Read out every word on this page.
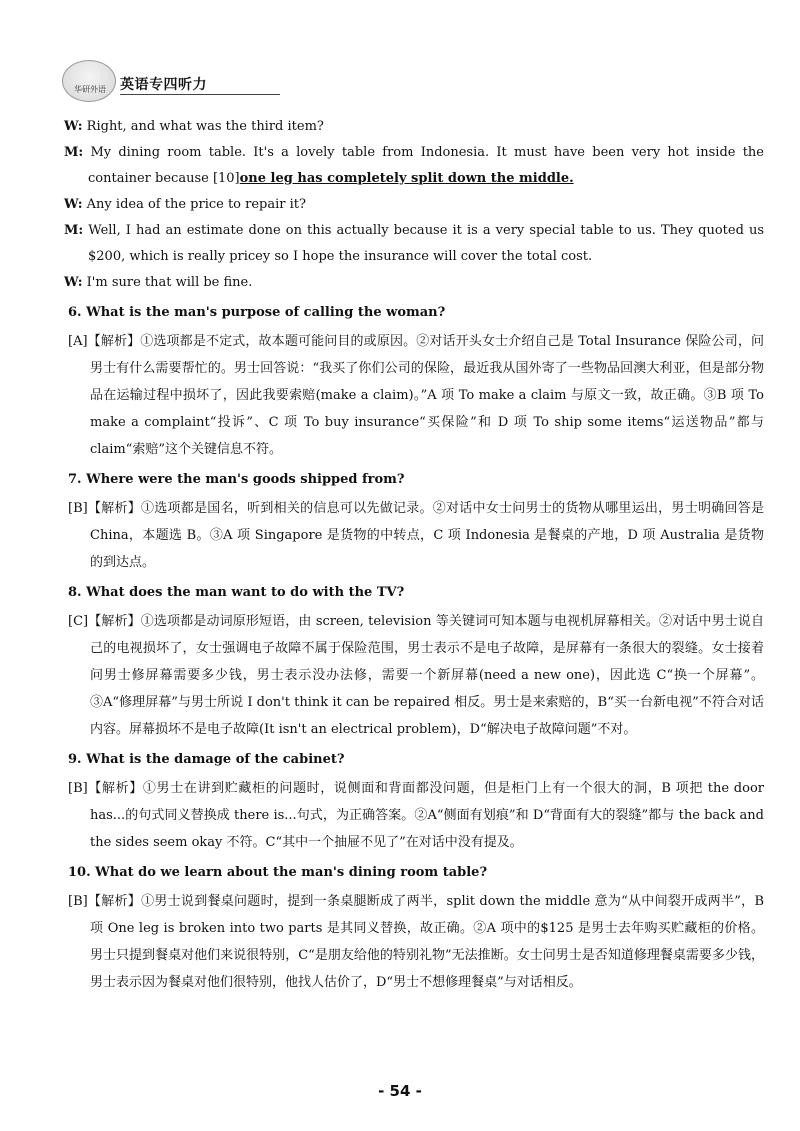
华研外语	英语专四听力

W: Right, and what was the third item?

M: My dining room table. It's a lovely table from Indonesia. It must have been very hot inside the container because [10]one leg has completely split down the middle.

W: Any idea of the price to repair it?

M: Well, I had an estimate done on this actually because it is a very special table to us. They quoted us $200, which is really pricey so I hope the insurance will cover the total cost.

W: I'm sure that will be fine.

6. What is the man's purpose of calling the woman?

[A]【解析】①选项都是不定式，故本题可能问目的或原因。②对话开头女士介绍自己是 Total Insurance 保险公司，问男士有什么需要帮忙的。男士回答说：“我买了你们公司的保险，最近我从国外寄了一些物品回澳大利亚，但是部分物品在运输过程中损坏了，因此我要索赔(make a claim)。”A 项 To make a claim 与原文一致，故正确。③B 项 To make a complaint“投诉”、C 项 To buy insurance“买保险”和 D 项 To ship some items“运送物品”都与 claim“索赔”这个关键信息不符。

7. Where were the man's goods shipped from?

[B]【解析】①选项都是国名，听到相关的信息可以先做记录。②对话中女士问男士的货物从哪里运出，男士明确回答是 China，本题选 B。③A 项 Singapore 是货物的中转点，C 项 Indonesia 是餐桌的产地，D 项 Australia 是货物的到达点。

8. What does the man want to do with the TV?

[C]【解析】①选项都是动词原形短语，由 screen, television 等关键词可知本题与电视机屏幕相关。②对话中男士说自己的电视损坏了，女士强调电子故障不属于保险范围，男士表示不是电子故障，是屏幕有一条很大的裂缝。女士接着问男士修屏幕需要多少钱，男士表示没办法修，需要一个新屏幕(need a new one)，因此选 C“换一个屏幕”。③A“修理屏幕”与男士所说 I don't think it can be repaired 相反。男士是来索赔的，B“买一台新电视”不符合对话内容。屏幕损坏不是电子故障(It isn't an electrical problem)，D“解决电子故障问题”不对。

9. What is the damage of the cabinet?

[B]【解析】①男士在讲到贮藏柜的问题时，说侧面和背面都没问题，但是柜门上有一个很大的洞，B 项把 the door has...的句式同义替换成 there is...句式，为正确答案。②A“侧面有划痕”和 D“背面有大的裂缝”都与 the back and the sides seem okay 不符。C“其中一个抽屉不见了”在对话中没有提及。

10. What do we learn about the man's dining room table?

[B]【解析】①男士说到餐桌问题时，提到一条桌腿断成了两半，split down the middle 意为“从中间裂开成两半”，B 项 One leg is broken into two parts 是其同义替换，故正确。②A 项中的$125 是男士去年购买贮藏柜的价格。男士只提到餐桌对他们来说很特别，C“是朋友给他的特别礼物”无法推断。女士问男士是否知道修理餐桌需要多少钱，男士表示因为餐桌对他们很特别，他找人估价了，D“男士不想修理餐桌”与对话相反。

- 54 -
